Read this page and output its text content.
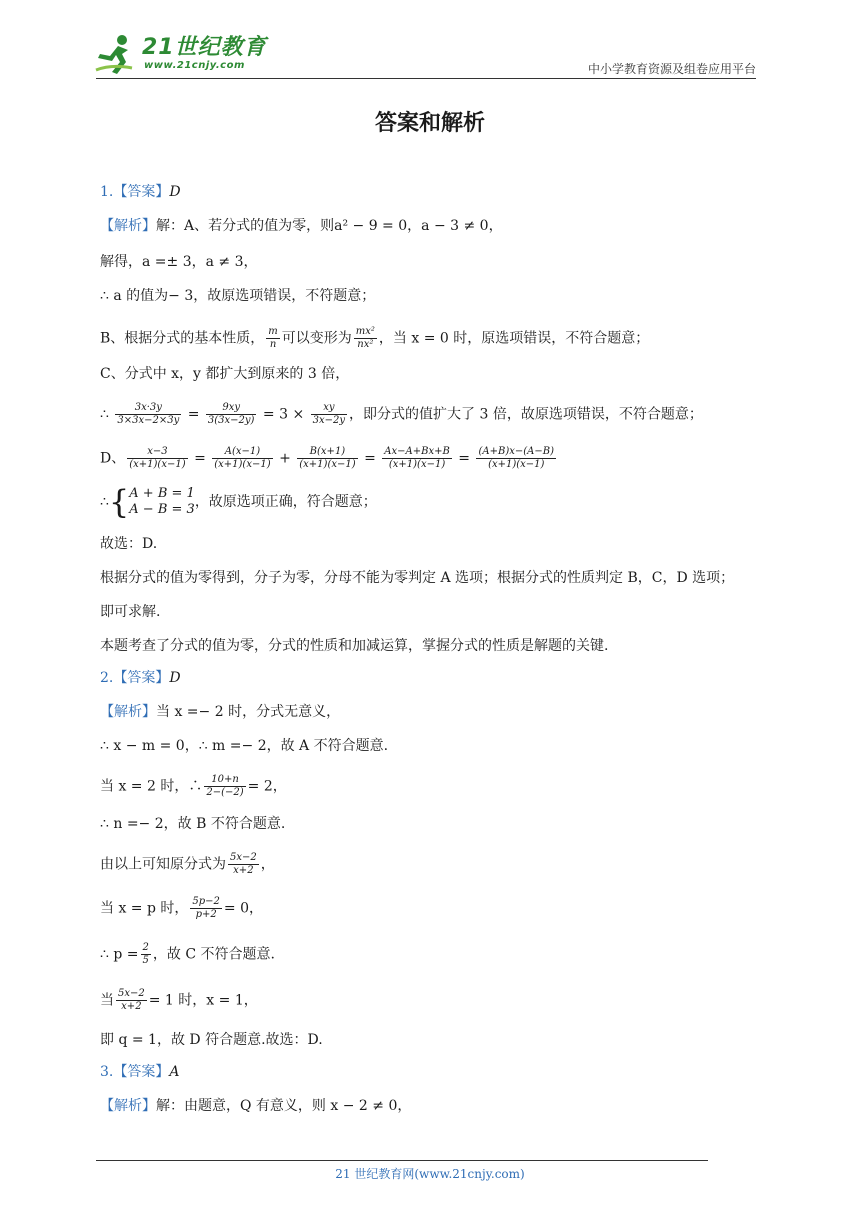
21世纪教育
www.21cnjy.com	中小学教育资源及组卷应用平台
答案和解析
1.【答案】D
【解析】解：A、若分式的值为零，则a² − 9 = 0，a − 3 ≠ 0，
解得，a =± 3，a ≠ 3，
∴ a 的值为− 3，故原选项错误，不符题意；
B、根据分式的基本性质， $\frac{m}{n}$ 可以变形为 $\frac{\text{mx²}}{\text{nx²}}$ ，当 x = 0 时，原选项错误，不符合题意；
C、分式中 x，y 都扩大到原来的 3 倍，
∴ $\frac{3x\cdot 3y}{3\times 3x-2\times 3y} = \frac{9xy}{3(3x-2y)} = 3 \times \frac{xy}{3x-2y}$ ，即分式的值扩大了 3 倍，故原选项错误，不符合题意；
D、 $\frac{x-3}{(x+1)(x-1)} = \frac{A(x-1)}{(x+1)(x-1)} + \frac{B(x+1)}{(x+1)(x-1)} = \frac{Ax-A+Bx+B}{(x+1)(x-1)} = \frac{(A+B)x-(A-B)}{(x+1)(x-1)}$
∴{ A + B = 1
A − B = 3 ，故原选项正确，符合题意；
故选：D.
根据分式的值为零得到，分子为零，分母不能为零判定 A 选项；根据分式的性质判定 B，C，D 选项；
即可求解.
本题考查了分式的值为零，分式的性质和加减运算，掌握分式的性质是解题的关键.
2.【答案】D
【解析】当 x =− 2 时，分式无意义，
∴ x − m = 0，∴ m =− 2，故 A 不符合题意.
当 x = 2 时，∴ $\frac{10+n}{2-(-2)} = 2$，
∴ n =− 2，故 B 不符合题意.
由以上可知原分式为 $\frac{5x-2}{x+2}$ ，
当 x = p 时， $\frac{5p-2}{p+2} = 0$，
∴ $p = \frac{2}{5}$ ，故 C 不符合题意.
当 $\frac{5x-2}{x+2} = 1$ 时，x = 1，
即 q = 1，故 D 符合题意.故选：D.
3.【答案】A
【解析】解：由题意，Q 有意义，则 x − 2 ≠ 0，
21 世纪教育网(www.21cnjy.com)
